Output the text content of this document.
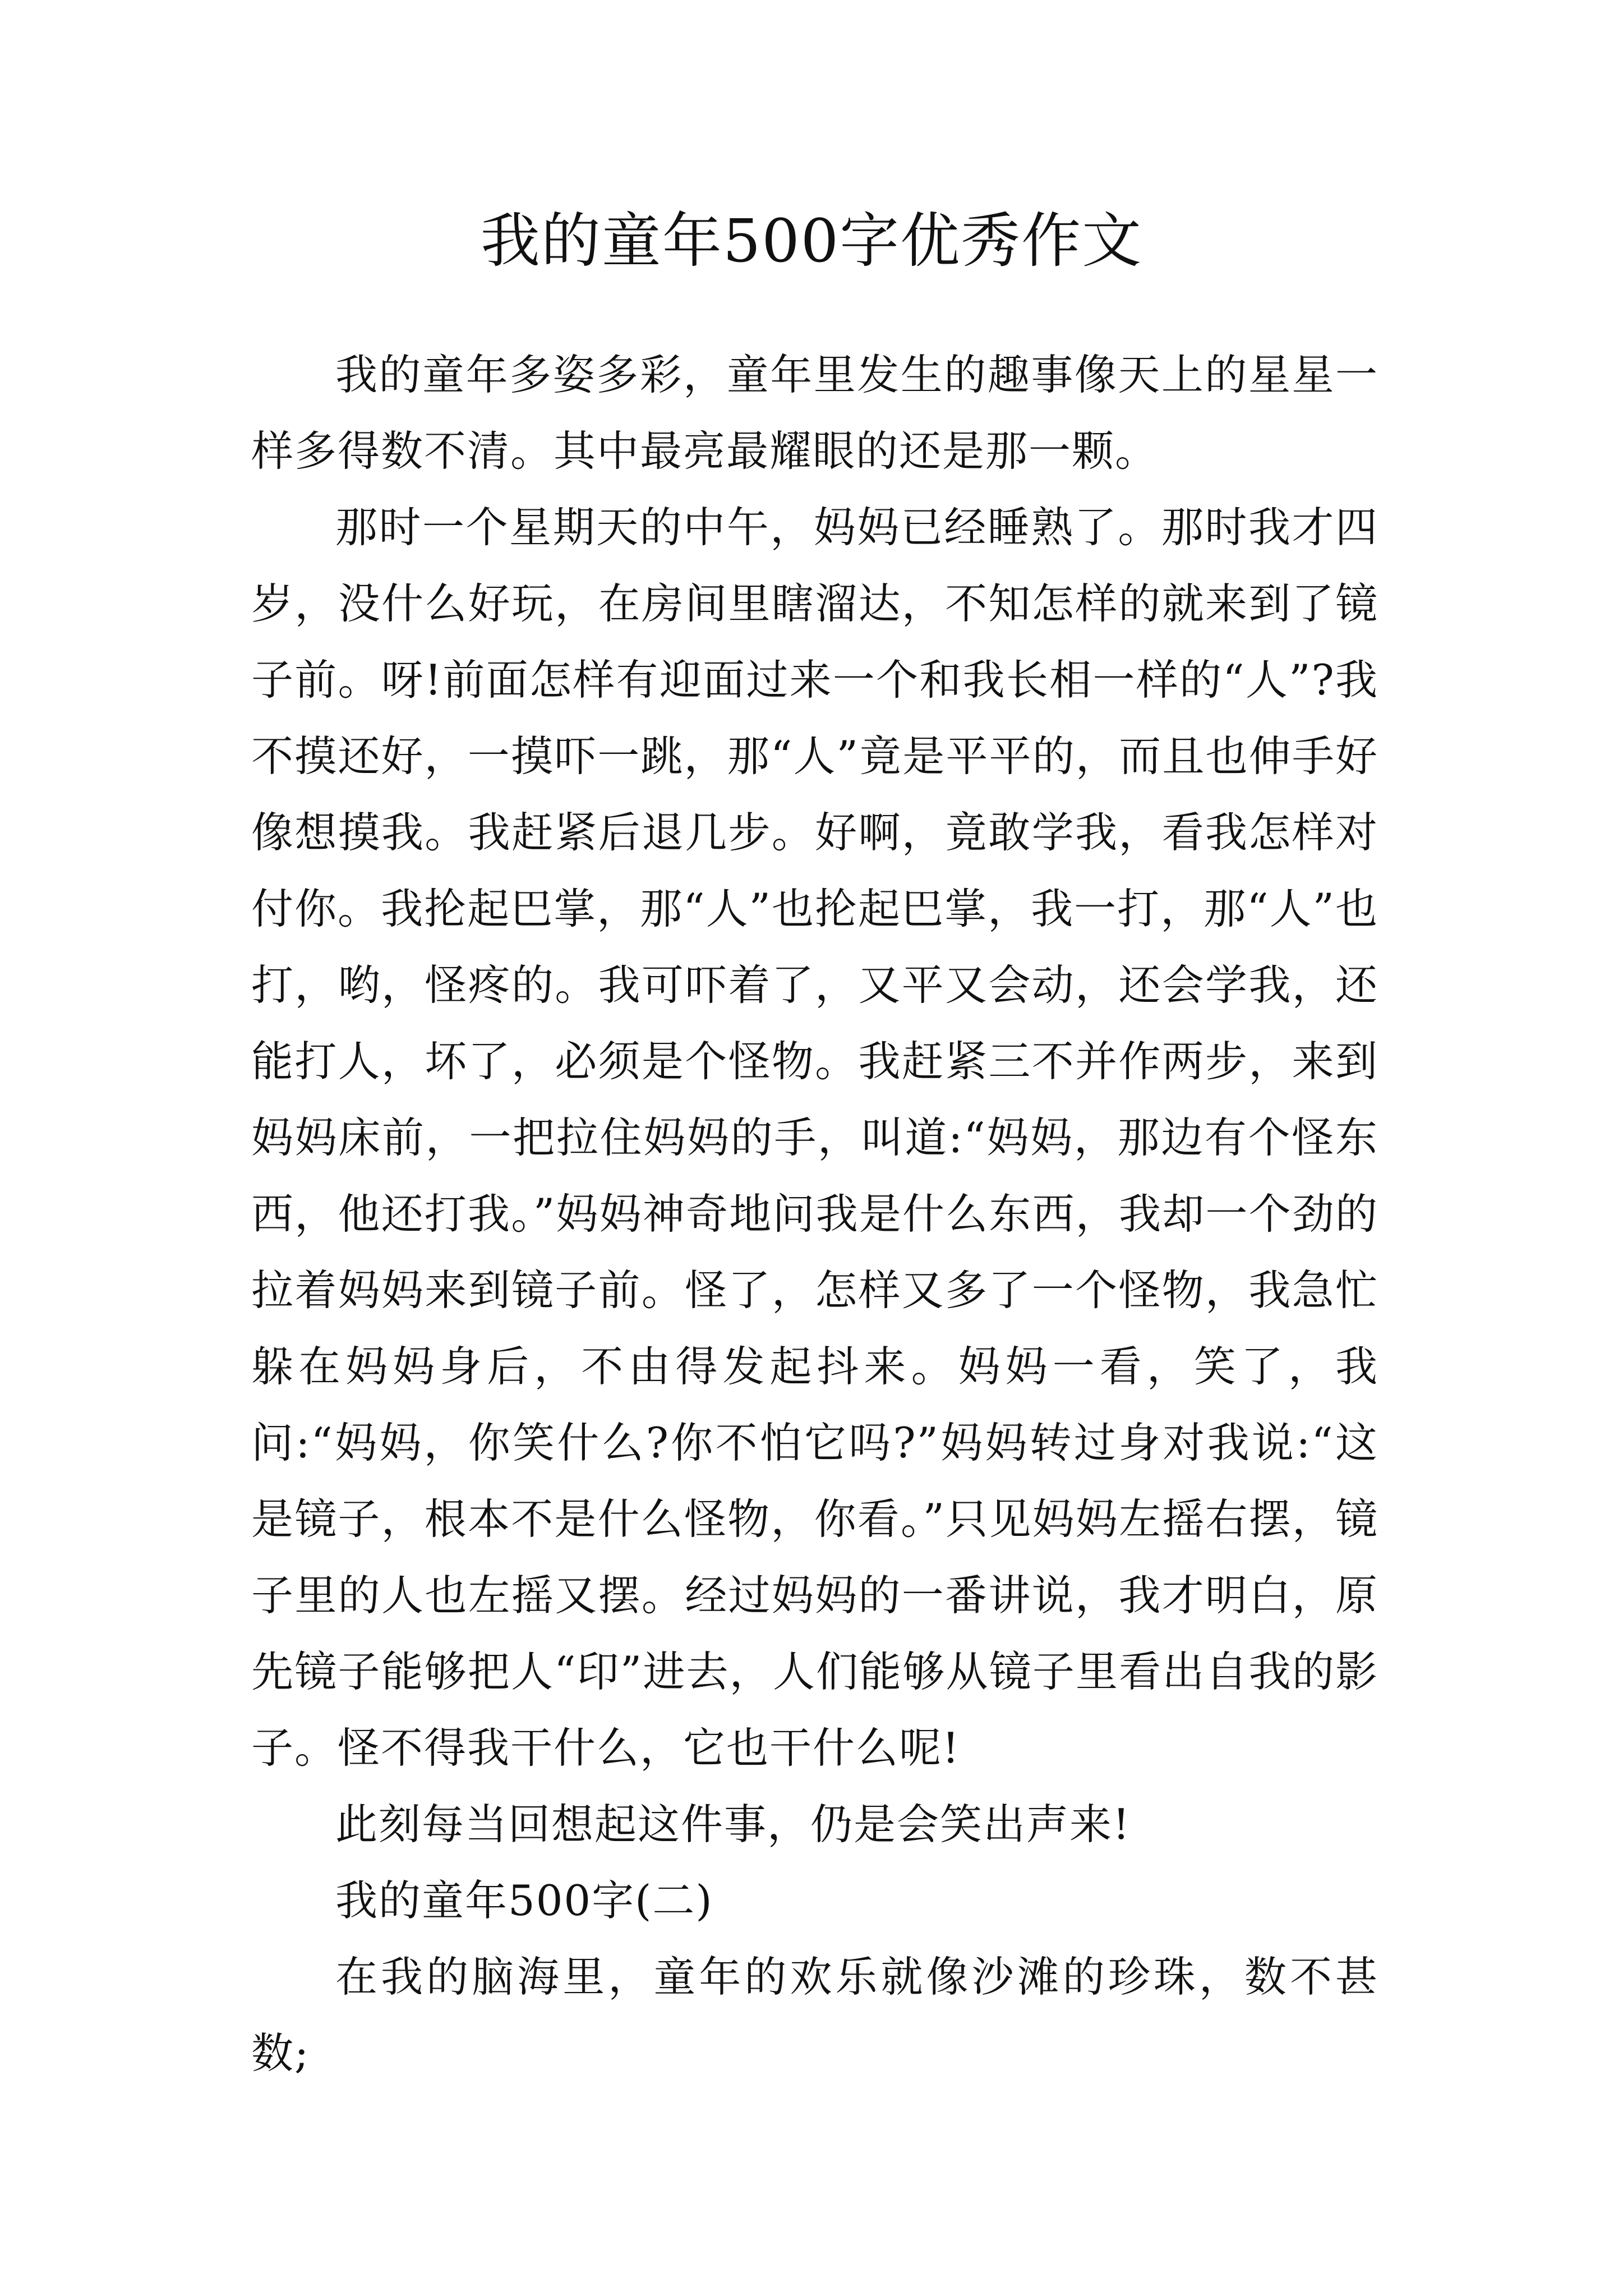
我的童年500字优秀作文

我的童年多姿多彩，童年里发生的趣事像天上的星星一样多得数不清。其中最亮最耀眼的还是那一颗。

那时一个星期天的中午，妈妈已经睡熟了。那时我才四岁，没什么好玩，在房间里瞎溜达，不知怎样的就来到了镜子前。呀!前面怎样有迎面过来一个和我长相一样的“人”?我不摸还好，一摸吓一跳，那“人”竟是平平的，而且也伸手好像想摸我。我赶紧后退几步。好啊，竟敢学我，看我怎样对付你。我抡起巴掌，那“人”也抡起巴掌，我一打，那“人”也打，哟，怪疼的。我可吓着了，又平又会动，还会学我，还能打人，坏了，必须是个怪物。我赶紧三不并作两步，来到妈妈床前，一把拉住妈妈的手，叫道:“妈妈，那边有个怪东西，他还打我。”妈妈神奇地问我是什么东西，我却一个劲的拉着妈妈来到镜子前。怪了，怎样又多了一个怪物，我急忙躲在妈妈身后，不由得发起抖来。妈妈一看，笑了，我问:“妈妈，你笑什么?你不怕它吗?”妈妈转过身对我说:“这是镜子，根本不是什么怪物，你看。”只见妈妈左摇右摆，镜子里的人也左摇又摆。经过妈妈的一番讲说，我才明白，原先镜子能够把人“印”进去，人们能够从镜子里看出自我的影子。怪不得我干什么，它也干什么呢!

此刻每当回想起这件事，仍是会笑出声来!

我的童年500字(二)

在我的脑海里，童年的欢乐就像沙滩的珍珠，数不甚数;
